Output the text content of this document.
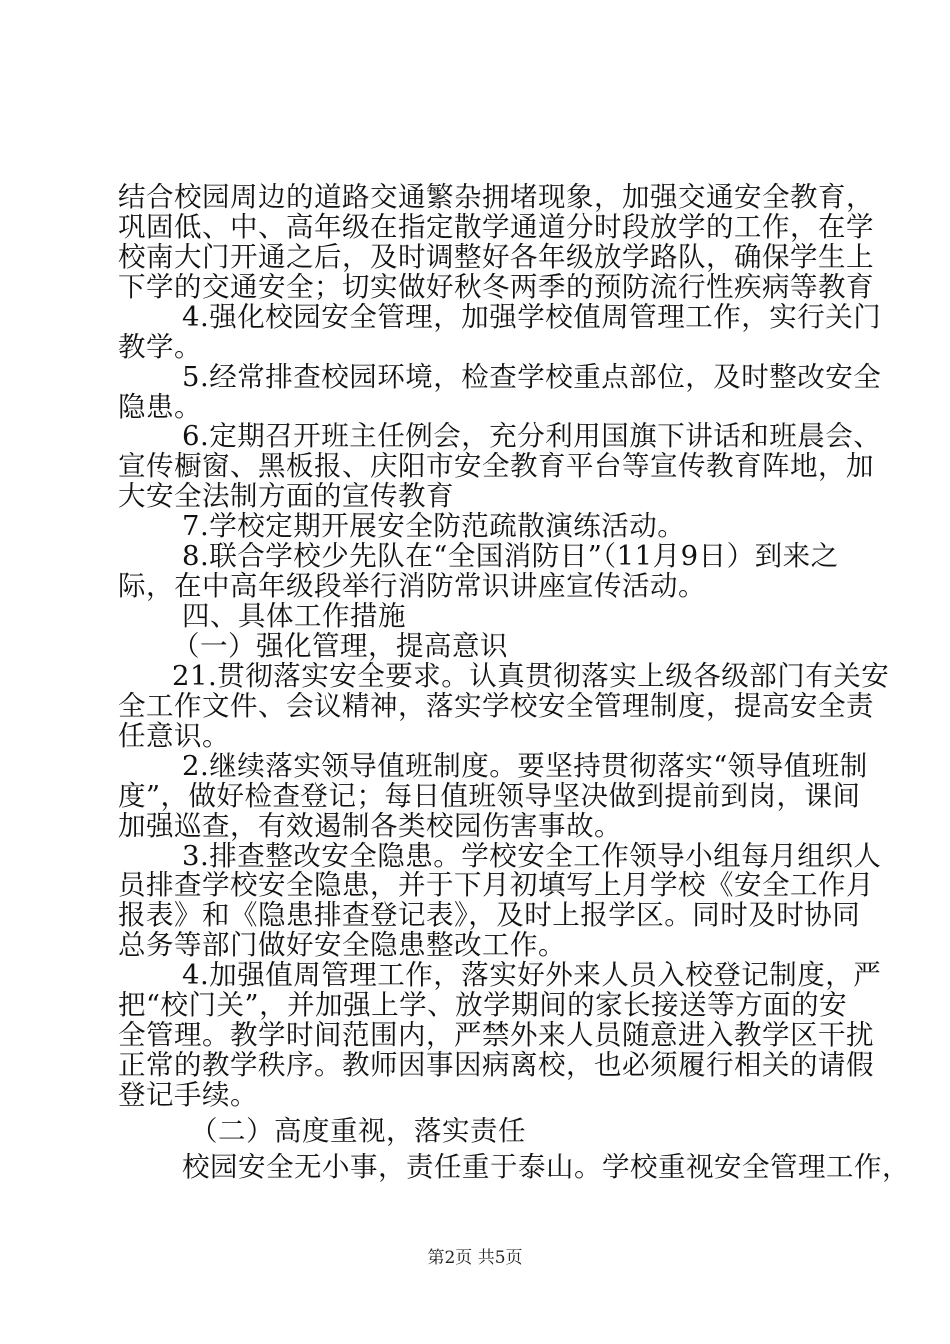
结合校园周边的道路交通繁杂拥堵现象，加强交通安全教育，
巩固低、中、高年级在指定散学通道分时段放学的工作，在学
校南大门开通之后，及时调整好各年级放学路队，确保学生上
下学的交通安全；切实做好秋冬两季的预防流行性疾病等教育
4.强化校园安全管理，加强学校值周管理工作，实行关门
教学。
5.经常排查校园环境，检查学校重点部位，及时整改安全
隐患。
6.定期召开班主任例会，充分利用国旗下讲话和班晨会、
宣传橱窗、黑板报、庆阳市安全教育平台等宣传教育阵地，加
大安全法制方面的宣传教育
7.学校定期开展安全防范疏散演练活动。
8.联合学校少先队在“全国消防日”（11月9日）到来之
际，在中高年级段举行消防常识讲座宣传活动。
四、具体工作措施
（一）强化管理，提高意识
21.贯彻落实安全要求。认真贯彻落实上级各级部门有关安
全工作文件、会议精神，落实学校安全管理制度，提高安全责
任意识。
2.继续落实领导值班制度。要坚持贯彻落实“领导值班制
度”，做好检查登记；每日值班领导坚决做到提前到岗，课间
加强巡查，有效遏制各类校园伤害事故。
3.排查整改安全隐患。学校安全工作领导小组每月组织人
员排查学校安全隐患，并于下月初填写上月学校《安全工作月
报表》和《隐患排查登记表》，及时上报学区。同时及时协同
总务等部门做好安全隐患整改工作。
4.加强值周管理工作，落实好外来人员入校登记制度，严
把“校门关”，并加强上学、放学期间的家长接送等方面的安
全管理。教学时间范围内，严禁外来人员随意进入教学区干扰
正常的教学秩序。教师因事因病离校，也必须履行相关的请假
登记手续。
（二）高度重视，落实责任
校园安全无小事，责任重于泰山。学校重视安全管理工作，
第2页 共5页
